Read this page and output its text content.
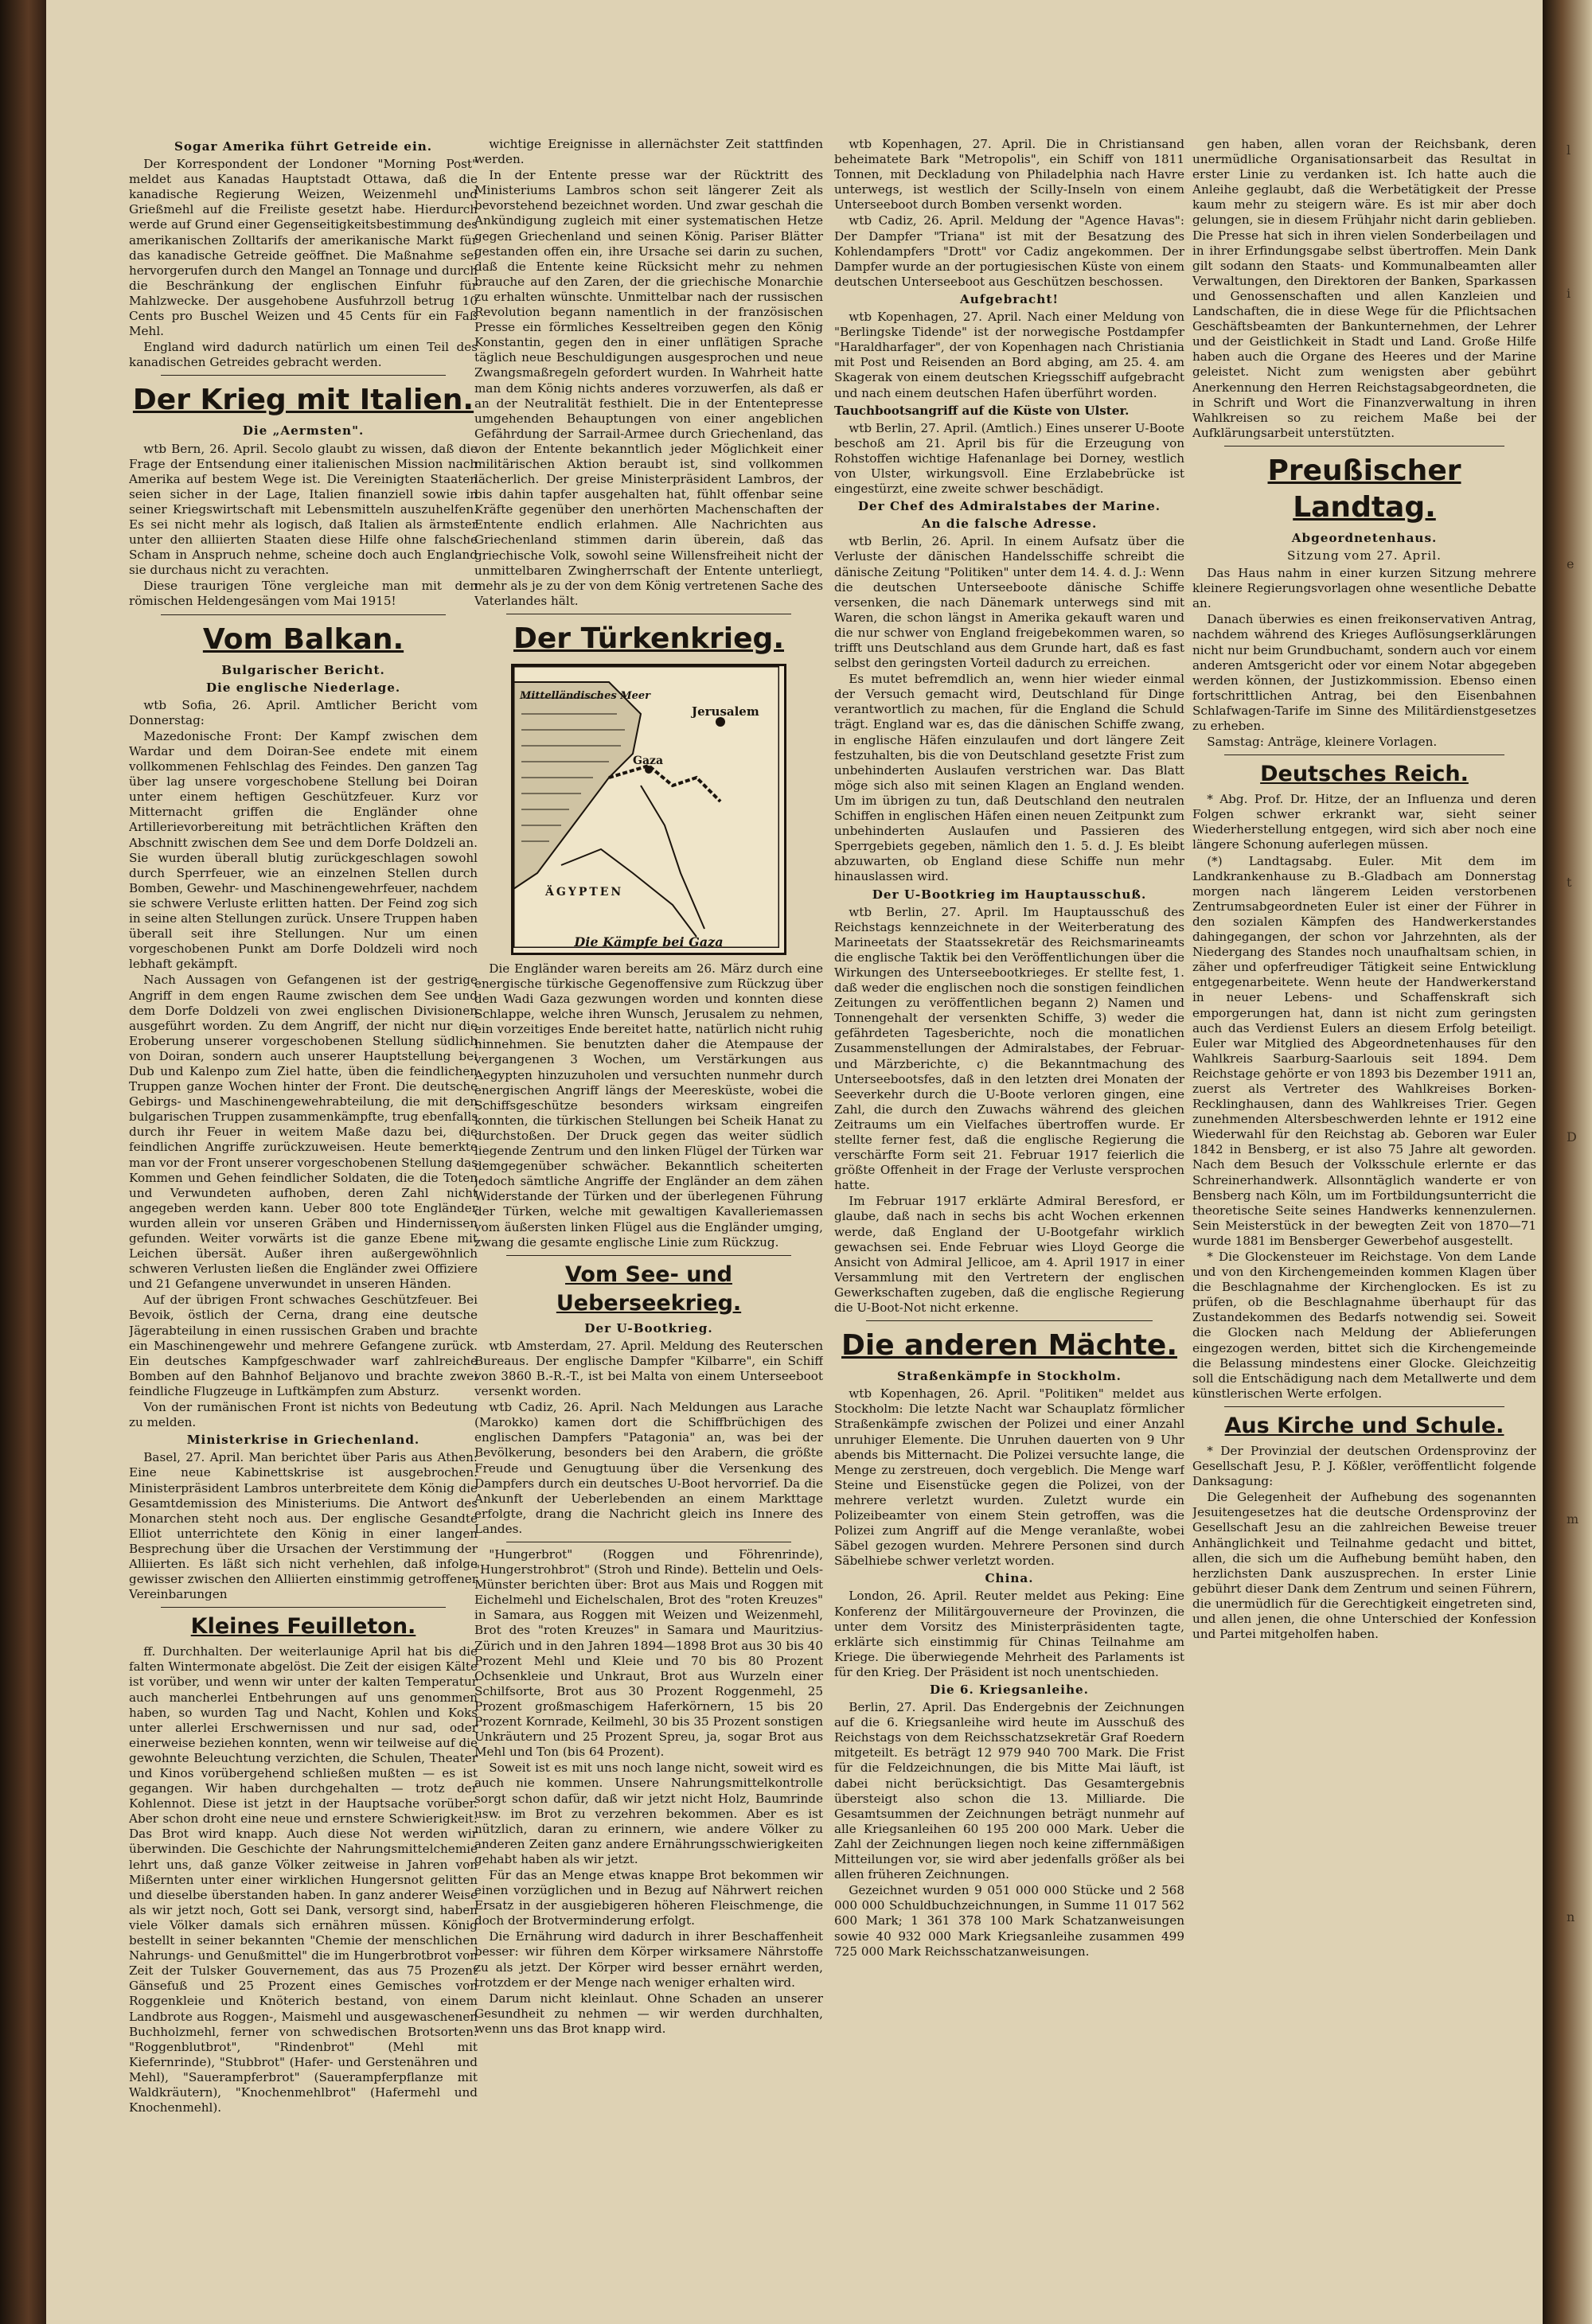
l
i
e
t
D
m
n
Sogar Amerika führt Getreide ein.

Der Korrespondent der Londoner "Morning Post" meldet aus Kanadas Hauptstadt Ottawa, daß die kanadische Regierung Weizen, Weizenmehl und Grießmehl auf die Freiliste gesetzt habe. Hierdurch werde auf Grund einer Gegenseitigkeitsbestimmung des amerikanischen Zolltarifs der amerikanische Markt für das kanadische Getreide geöffnet. Die Maßnahme sei hervorgerufen durch den Mangel an Tonnage und durch die Beschränkung der englischen Einfuhr für Mahlzwecke. Der ausgehobene Ausfuhrzoll betrug 10 Cents pro Buschel Weizen und 45 Cents für ein Faß Mehl.

England wird dadurch natürlich um einen Teil des kanadischen Getreides gebracht werden.

Der Krieg mit Italien.
Die „Aermsten".

wtb Bern, 26. April. Secolo glaubt zu wissen, daß die Frage der Entsendung einer italienischen Mission nach Amerika auf bestem Wege ist. Die Vereinigten Staaten seien sicher in der Lage, Italien finanziell sowie in seiner Kriegswirtschaft mit Lebensmitteln auszuhelfen. Es sei nicht mehr als logisch, daß Italien als ärmster unter den alliierten Staaten diese Hilfe ohne falsche Scham in Anspruch nehme, scheine doch auch England sie durchaus nicht zu verachten.

Diese traurigen Töne vergleiche man mit den römischen Heldengesängen vom Mai 1915!

Vom Balkan.
Bulgarischer Bericht.
Die englische Niederlage.

wtb Sofia, 26. April. Amtlicher Bericht vom Donnerstag:

Mazedonische Front: Der Kampf zwischen dem Wardar und dem Doiran-See endete mit einem vollkommenen Fehlschlag des Feindes. Den ganzen Tag über lag unsere vorgeschobene Stellung bei Doiran unter einem heftigen Geschützfeuer. Kurz vor Mitternacht griffen die Engländer ohne Artillerievorbereitung mit beträchtlichen Kräften den Abschnitt zwischen dem See und dem Dorfe Doldzeli an. Sie wurden überall blutig zurückgeschlagen sowohl durch Sperrfeuer, wie an einzelnen Stellen durch Bomben, Gewehr- und Maschinengewehrfeuer, nachdem sie schwere Verluste erlitten hatten. Der Feind zog sich in seine alten Stellungen zurück. Unsere Truppen haben überall seit ihre Stellungen. Nur um einen vorgeschobenen Punkt am Dorfe Doldzeli wird noch lebhaft gekämpft.

Nach Aussagen von Gefangenen ist der gestrige Angriff in dem engen Raume zwischen dem See und dem Dorfe Doldzeli von zwei englischen Divisionen ausgeführt worden. Zu dem Angriff, der nicht nur die Eroberung unserer vorgeschobenen Stellung südlich von Doiran, sondern auch unserer Hauptstellung bei Dub und Kalenpo zum Ziel hatte, üben die feindlichen Truppen ganze Wochen hinter der Front. Die deutsche Gebirgs- und Maschinengewehrabteilung, die mit den bulgarischen Truppen zusammenkämpfte, trug ebenfalls durch ihr Feuer in weitem Maße dazu bei, die feindlichen Angriffe zurückzuweisen. Heute bemerkte man vor der Front unserer vorgeschobenen Stellung das Kommen und Gehen feindlicher Soldaten, die die Toten und Verwundeten aufhoben, deren Zahl nicht angegeben werden kann. Ueber 800 tote Engländer wurden allein vor unseren Gräben und Hindernissen gefunden. Weiter vorwärts ist die ganze Ebene mit Leichen übersät. Außer ihren außergewöhnlich schweren Verlusten ließen die Engländer zwei Offiziere und 21 Gefangene unverwundet in unseren Händen.

Auf der übrigen Front schwaches Geschützfeuer. Bei Bevoik, östlich der Cerna, drang eine deutsche Jägerabteilung in einen russischen Graben und brachte ein Maschinengewehr und mehrere Gefangene zurück. Ein deutsches Kampfgeschwader warf zahlreiche Bomben auf den Bahnhof Beljanovo und brachte zwei feindliche Flugzeuge in Luftkämpfen zum Absturz.

Von der rumänischen Front ist nichts von Bedeutung zu melden.

Ministerkrise in Griechenland.

Basel, 27. April. Man berichtet über Paris aus Athen: Eine neue Kabinettskrise ist ausgebrochen. Ministerpräsident Lambros unterbreitete dem König die Gesamtdemission des Ministeriums. Die Antwort des Monarchen steht noch aus. Der englische Gesandte Elliot unterrichtete den König in einer langen Besprechung über die Ursachen der Verstimmung der Alliierten. Es läßt sich nicht verhehlen, daß infolge gewisser zwischen den Alliierten einstimmig getroffener Vereinbarungen

Kleines Feuilleton.

ff. Durchhalten. Der weiterlaunige April hat bis die falten Wintermonate abgelöst. Die Zeit der eisigen Kälte ist vorüber, und wenn wir unter der kalten Temperatur auch mancherlei Entbehrungen auf uns genommen haben, so wurden Tag und Nacht, Kohlen und Koks unter allerlei Erschwernissen und nur sad, oder einerweise beziehen konnten, wenn wir teilweise auf die gewohnte Beleuchtung verzichten, die Schulen, Theater und Kinos vorübergehend schließen mußten — es ist gegangen. Wir haben durchgehalten — trotz der Kohlennot. Diese ist jetzt in der Hauptsache vorüber. Aber schon droht eine neue und ernstere Schwierigkeit: Das Brot wird knapp. Auch diese Not werden wir überwinden. Die Geschichte der Nahrungsmittelchemie lehrt uns, daß ganze Völker zeitweise in Jahren von Mißernten unter einer wirklichen Hungersnot gelitten und dieselbe überstanden haben. In ganz anderer Weise als wir jetzt noch, Gott sei Dank, versorgt sind, haben viele Völker damals sich ernähren müssen. König bestellt in seiner bekannten "Chemie der menschlichen Nahrungs- und Genußmittel" die im Hungerbrotbrot von Zeit der Tulsker Gouvernement, das aus 75 Prozent Gänsefuß und 25 Prozent eines Gemisches von Roggenkleie und Knöterich bestand, von einem Landbrote aus Roggen-, Maismehl und ausgewaschenen Buchholzmehl, ferner von schwedischen Brotsorten: "Roggenblutbrot", "Rindenbrot" (Mehl mit Kiefernrinde), "Stubbrot" (Hafer- und Gerstenähren und Mehl), "Sauerampferbrot" (Sauerampferpflanze mit Waldkräutern), "Knochenmehlbrot" (Hafermehl und Knochenmehl).

wichtige Ereignisse in allernächster Zeit stattfinden werden.

In der Entente presse war der Rücktritt des Ministeriums Lambros schon seit längerer Zeit als bevorstehend bezeichnet worden. Und zwar geschah die Ankündigung zugleich mit einer systematischen Hetze gegen Griechenland und seinen König. Pariser Blätter gestanden offen ein, ihre Ursache sei darin zu suchen, daß die Entente keine Rücksicht mehr zu nehmen brauche auf den Zaren, der die griechische Monarchie zu erhalten wünschte. Unmittelbar nach der russischen Revolution begann namentlich in der französischen Presse ein förmliches Kesseltreiben gegen den König Konstantin, gegen den in einer unflätigen Sprache täglich neue Beschuldigungen ausgesprochen und neue Zwangsmaßregeln gefordert wurden. In Wahrheit hatte man dem König nichts anderes vorzuwerfen, als daß er an der Neutralität festhielt. Die in der Ententepresse umgehenden Behauptungen von einer angeblichen Gefährdung der Sarrail-Armee durch Griechenland, das von der Entente bekanntlich jeder Möglichkeit einer militärischen Aktion beraubt ist, sind vollkommen lächerlich. Der greise Ministerpräsident Lambros, der bis dahin tapfer ausgehalten hat, fühlt offenbar seine Kräfte gegenüber den unerhörten Machenschaften der Entente endlich erlahmen. Alle Nachrichten aus Griechenland stimmen darin überein, daß das griechische Volk, sowohl seine Willensfreiheit nicht der unmittelbaren Zwingherrschaft der Entente unterliegt, mehr als je zu der von dem König vertretenen Sache des Vaterlandes hält.

Der Türkenkrieg.
Mittelländisches Meer
Jerusalem
Gaza
ÄGYPTEN
Die Kämpfe bei Gaza

Die Engländer waren bereits am 26. März durch eine energische türkische Gegenoffensive zum Rückzug über den Wadi Gaza gezwungen worden und konnten diese Schlappe, welche ihren Wunsch, Jerusalem zu nehmen, ein vorzeitiges Ende bereitet hatte, natürlich nicht ruhig hinnehmen. Sie benutzten daher die Atempause der vergangenen 3 Wochen, um Verstärkungen aus Aegypten hinzuzuholen und versuchten nunmehr durch energischen Angriff längs der Meeresküste, wobei die Schiffsgeschütze besonders wirksam eingreifen konnten, die türkischen Stellungen bei Scheik Hanat zu durchstoßen. Der Druck gegen das weiter südlich liegende Zentrum und den linken Flügel der Türken war demgegenüber schwächer. Bekanntlich scheiterten jedoch sämtliche Angriffe der Engländer an dem zähen Widerstande der Türken und der überlegenen Führung der Türken, welche mit gewaltigen Kavalleriemassen vom äußersten linken Flügel aus die Engländer umging, zwang die gesamte englische Linie zum Rückzug.

Vom See- und Ueberseekrieg.
Der U-Bootkrieg.

wtb Amsterdam, 27. April. Meldung des Reuterschen Bureaus. Der englische Dampfer "Kilbarre", ein Schiff von 3860 B.-R.-T., ist bei Malta von einem Unterseeboot versenkt worden.

wtb Cadiz, 26. April. Nach Meldungen aus Larache (Marokko) kamen dort die Schiffbrüchigen des englischen Dampfers "Patagonia" an, was bei der Bevölkerung, besonders bei den Arabern, die größte Freude und Genugtuung über die Versenkung des Dampfers durch ein deutsches U-Boot hervorrief. Da die Ankunft der Ueberlebenden an einem Markttage erfolgte, drang die Nachricht gleich ins Innere des Landes.

"Hungerbrot" (Roggen und Föhrenrinde), "Hungerstrohbrot" (Stroh und Rinde). Bettelin und Oels-Münster berichten über: Brot aus Mais und Roggen mit Eichelmehl und Eichelschalen, Brot des "roten Kreuzes" in Samara, aus Roggen mit Weizen und Weizenmehl, Brot des "roten Kreuzes" in Samara und Mauritzius-Zürich und in den Jahren 1894—1898 Brot aus 30 bis 40 Prozent Mehl und Kleie und 70 bis 80 Prozent Ochsenkleie und Unkraut, Brot aus Wurzeln einer Schilfsorte, Brot aus 30 Prozent Roggenmehl, 25 Prozent großmaschigem Haferkörnern, 15 bis 20 Prozent Kornrade, Keilmehl, 30 bis 35 Prozent sonstigen Unkräutern und 25 Prozent Spreu, ja, sogar Brot aus Mehl und Ton (bis 64 Prozent).

Soweit ist es mit uns noch lange nicht, soweit wird es auch nie kommen. Unsere Nahrungsmittelkontrolle sorgt schon dafür, daß wir jetzt nicht Holz, Baumrinde usw. im Brot zu verzehren bekommen. Aber es ist nützlich, daran zu erinnern, wie andere Völker zu anderen Zeiten ganz andere Ernährungsschwierigkeiten gehabt haben als wir jetzt.

Für das an Menge etwas knappe Brot bekommen wir einen vorzüglichen und in Bezug auf Nährwert reichen Ersatz in der ausgiebigeren höheren Fleischmenge, die doch der Brotverminderung erfolgt.

Die Ernährung wird dadurch in ihrer Beschaffenheit besser: wir führen dem Körper wirksamere Nährstoffe zu als jetzt. Der Körper wird besser ernährt werden, trotzdem er der Menge nach weniger erhalten wird.

Darum nicht kleinlaut. Ohne Schaden an unserer Gesundheit zu nehmen — wir werden durchhalten, wenn uns das Brot knapp wird.

wtb Kopenhagen, 27. April. Die in Christiansand beheimatete Bark "Metropolis", ein Schiff von 1811 Tonnen, mit Deckladung von Philadelphia nach Havre unterwegs, ist westlich der Scilly-Inseln von einem Unterseeboot durch Bomben versenkt worden.

wtb Cadiz, 26. April. Meldung der "Agence Havas": Der Dampfer "Triana" ist mit der Besatzung des Kohlendampfers "Drott" vor Cadiz angekommen. Der Dampfer wurde an der portugiesischen Küste von einem deutschen Unterseeboot aus Geschützen beschossen.

Aufgebracht!

wtb Kopenhagen, 27. April. Nach einer Meldung von "Berlingske Tidende" ist der norwegische Postdampfer "Haraldharfager", der von Kopenhagen nach Christiania mit Post und Reisenden an Bord abging, am 25. 4. am Skagerak von einem deutschen Kriegsschiff aufgebracht und nach einem deutschen Hafen überführt worden.

Tauchbootsangriff auf die Küste von Ulster.

wtb Berlin, 27. April. (Amtlich.) Eines unserer U-Boote beschoß am 21. April bis für die Erzeugung von Rohstoffen wichtige Hafenanlage bei Dorney, westlich von Ulster, wirkungsvoll. Eine Erzlabebrücke ist eingestürzt, eine zweite schwer beschädigt.

Der Chef des Admiralstabes der Marine.
An die falsche Adresse.

wtb Berlin, 26. April. In einem Aufsatz über die Verluste der dänischen Handelsschiffe schreibt die dänische Zeitung "Politiken" unter dem 14. 4. d. J.: Wenn die deutschen Unterseeboote dänische Schiffe versenken, die nach Dänemark unterwegs sind mit Waren, die schon längst in Amerika gekauft waren und die nur schwer von England freigebekommen waren, so trifft uns Deutschland aus dem Grunde hart, daß es fast selbst den geringsten Vorteil dadurch zu erreichen.

Es mutet befremdlich an, wenn hier wieder einmal der Versuch gemacht wird, Deutschland für Dinge verantwortlich zu machen, für die England die Schuld trägt. England war es, das die dänischen Schiffe zwang, in englische Häfen einzulaufen und dort längere Zeit festzuhalten, bis die von Deutschland gesetzte Frist zum unbehinderten Auslaufen verstrichen war. Das Blatt möge sich also mit seinen Klagen an England wenden. Um im übrigen zu tun, daß Deutschland den neutralen Schiffen in englischen Häfen einen neuen Zeitpunkt zum unbehinderten Auslaufen und Passieren des Sperrgebiets gegeben, nämlich den 1. 5. d. J. Es bleibt abzuwarten, ob England diese Schiffe nun mehr hinauslassen wird.

Der U-Bootkrieg im Hauptausschuß.

wtb Berlin, 27. April. Im Hauptausschuß des Reichstags kennzeichnete in der Weiterberatung des Marineetats der Staatssekretär des Reichsmarineamts die englische Taktik bei den Veröffentlichungen über die Wirkungen des Unterseebootkrieges. Er stellte fest, 1. daß weder die englischen noch die sonstigen feindlichen Zeitungen zu veröffentlichen begann 2) Namen und Tonnengehalt der versenkten Schiffe, 3) weder die gefährdeten Tagesberichte, noch die monatlichen Zusammenstellungen der Admiralstabes, der Februar- und Märzberichte, c) die Bekanntmachung des Unterseebootsfes, daß in den letzten drei Monaten der Seeverkehr durch die U-Boote verloren gingen, eine Zahl, die durch den Zuwachs während des gleichen Zeitraums um ein Vielfaches übertroffen wurde. Er stellte ferner fest, daß die englische Regierung die verschärfte Form seit 21. Februar 1917 feierlich die größte Offenheit in der Frage der Verluste versprochen hatte.

Im Februar 1917 erklärte Admiral Beresford, er glaube, daß nach in sechs bis acht Wochen erkennen werde, daß England der U-Bootgefahr wirklich gewachsen sei. Ende Februar wies Lloyd George die Ansicht von Admiral Jellicoe, am 4. April 1917 in einer Versammlung mit den Vertretern der englischen Gewerkschaften zugeben, daß die englische Regierung die U-Boot-Not nicht erkenne.

Die anderen Mächte.
Straßenkämpfe in Stockholm.

wtb Kopenhagen, 26. April. "Politiken" meldet aus Stockholm: Die letzte Nacht war Schauplatz förmlicher Straßenkämpfe zwischen der Polizei und einer Anzahl unruhiger Elemente. Die Unruhen dauerten von 9 Uhr abends bis Mitternacht. Die Polizei versuchte lange, die Menge zu zerstreuen, doch vergeblich. Die Menge warf Steine und Eisenstücke gegen die Polizei, von der mehrere verletzt wurden. Zuletzt wurde ein Polizeibeamter von einem Stein getroffen, was die Polizei zum Angriff auf die Menge veranlaßte, wobei Säbel gezogen wurden. Mehrere Personen sind durch Säbelhiebe schwer verletzt worden.

China.

London, 26. April. Reuter meldet aus Peking: Eine Konferenz der Militärgouverneure der Provinzen, die unter dem Vorsitz des Ministerpräsidenten tagte, erklärte sich einstimmig für Chinas Teilnahme am Kriege. Die überwiegende Mehrheit des Parlaments ist für den Krieg. Der Präsident ist noch unentschieden.

Die 6. Kriegsanleihe.

Berlin, 27. April. Das Endergebnis der Zeichnungen auf die 6. Kriegsanleihe wird heute im Ausschuß des Reichstags von dem Reichsschatzsekretär Graf Roedern mitgeteilt. Es beträgt 12 979 940 700 Mark. Die Frist für die Feldzeichnungen, die bis Mitte Mai läuft, ist dabei nicht berücksichtigt. Das Gesamtergebnis übersteigt also schon die 13. Milliarde. Die Gesamtsummen der Zeichnungen beträgt nunmehr auf alle Kriegsanleihen 60 195 200 000 Mark. Ueber die Zahl der Zeichnungen liegen noch keine ziffernmäßigen Mitteilungen vor, sie wird aber jedenfalls größer als bei allen früheren Zeichnungen.

Gezeichnet wurden 9 051 000 000 Stücke und 2 568 000 000 Schuldbuchzeichnungen, in Summe 11 017 562 600 Mark; 1 361 378 100 Mark Schatzanweisungen sowie 40 932 000 Mark Kriegsanleihe zusammen 499 725 000 Mark Reichsschatzanweisungen.

gen haben, allen voran der Reichsbank, deren unermüdliche Organisationsarbeit das Resultat in erster Linie zu verdanken ist. Ich hatte auch die Anleihe geglaubt, daß die Werbetätigkeit der Presse kaum mehr zu steigern wäre. Es ist mir aber doch gelungen, sie in diesem Frühjahr nicht darin geblieben. Die Presse hat sich in ihren vielen Sonderbeilagen und in ihrer Erfindungsgabe selbst übertroffen. Mein Dank gilt sodann den Staats- und Kommunalbeamten aller Verwaltungen, den Direktoren der Banken, Sparkassen und Genossenschaften und allen Kanzleien und Landschaften, die in diese Wege für die Pflichtsachen Geschäftsbeamten der Bankunternehmen, der Lehrer und der Geistlichkeit in Stadt und Land. Große Hilfe haben auch die Organe des Heeres und der Marine geleistet. Nicht zum wenigsten aber gebührt Anerkennung den Herren Reichstagsabgeordneten, die in Schrift und Wort die Finanzverwaltung in ihren Wahlkreisen so zu reichem Maße bei der Aufklärungsarbeit unterstützten.

Preußischer Landtag.
Abgeordnetenhaus.
Sitzung vom 27. April.

Das Haus nahm in einer kurzen Sitzung mehrere kleinere Regierungsvorlagen ohne wesentliche Debatte an.

Danach überwies es einen freikonservativen Antrag, nachdem während des Krieges Auflösungserklärungen nicht nur beim Grundbuchamt, sondern auch vor einem anderen Amtsgericht oder vor einem Notar abgegeben werden können, der Justizkommission. Ebenso einen fortschrittlichen Antrag, bei den Eisenbahnen Schlafwagen-Tarife im Sinne des Militärdienstgesetzes zu erheben.

Samstag: Anträge, kleinere Vorlagen.

Deutsches Reich.

* Abg. Prof. Dr. Hitze, der an Influenza und deren Folgen schwer erkrankt war, sieht seiner Wiederherstellung entgegen, wird sich aber noch eine längere Schonung auferlegen müssen.

(*) Landtagsabg. Euler. Mit dem im Landkrankenhause zu B.-Gladbach am Donnerstag morgen nach längerem Leiden verstorbenen Zentrumsabgeordneten Euler ist einer der Führer in den sozialen Kämpfen des Handwerkerstandes dahingegangen, der schon vor Jahrzehnten, als der Niedergang des Standes noch unaufhaltsam schien, in zäher und opferfreudiger Tätigkeit seine Entwicklung entgegenarbeitete. Wenn heute der Handwerkerstand in neuer Lebens- und Schaffenskraft sich emporgerungen hat, dann ist nicht zum geringsten auch das Verdienst Eulers an diesem Erfolg beteiligt. Euler war Mitglied des Abgeordnetenhauses für den Wahlkreis Saarburg-Saarlouis seit 1894. Dem Reichstage gehörte er von 1893 bis Dezember 1911 an, zuerst als Vertreter des Wahlkreises Borken-Recklinghausen, dann des Wahlkreises Trier. Gegen zunehmenden Altersbeschwerden lehnte er 1912 eine Wiederwahl für den Reichstag ab. Geboren war Euler 1842 in Bensberg, er ist also 75 Jahre alt geworden. Nach dem Besuch der Volksschule erlernte er das Schreinerhandwerk. Allsonntäglich wanderte er von Bensberg nach Köln, um im Fortbildungsunterricht die theoretische Seite seines Handwerks kennenzulernen. Sein Meisterstück in der bewegten Zeit von 1870—71 wurde 1881 im Bensberger Gewerbehof ausgestellt.

* Die Glockensteuer im Reichstage. Von dem Lande und von den Kirchengemeinden kommen Klagen über die Beschlagnahme der Kirchenglocken. Es ist zu prüfen, ob die Beschlagnahme überhaupt für das Zustandekommen des Bedarfs notwendig sei. Soweit die Glocken nach Meldung der Ablieferungen eingezogen werden, bittet sich die Kirchengemeinde die Belassung mindestens einer Glocke. Gleichzeitig soll die Entschädigung nach dem Metallwerte und dem künstlerischen Werte erfolgen.

Aus Kirche und Schule.

* Der Provinzial der deutschen Ordensprovinz der Gesellschaft Jesu, P. J. Kößler, veröffentlicht folgende Danksagung:

Die Gelegenheit der Aufhebung des sogenannten Jesuitengesetzes hat die deutsche Ordensprovinz der Gesellschaft Jesu an die zahlreichen Beweise treuer Anhänglichkeit und Teilnahme gedacht und bittet, allen, die sich um die Aufhebung bemüht haben, den herzlichsten Dank auszusprechen. In erster Linie gebührt dieser Dank dem Zentrum und seinen Führern, die unermüdlich für die Gerechtigkeit eingetreten sind, und allen jenen, die ohne Unterschied der Konfession und Partei mitgeholfen haben.
